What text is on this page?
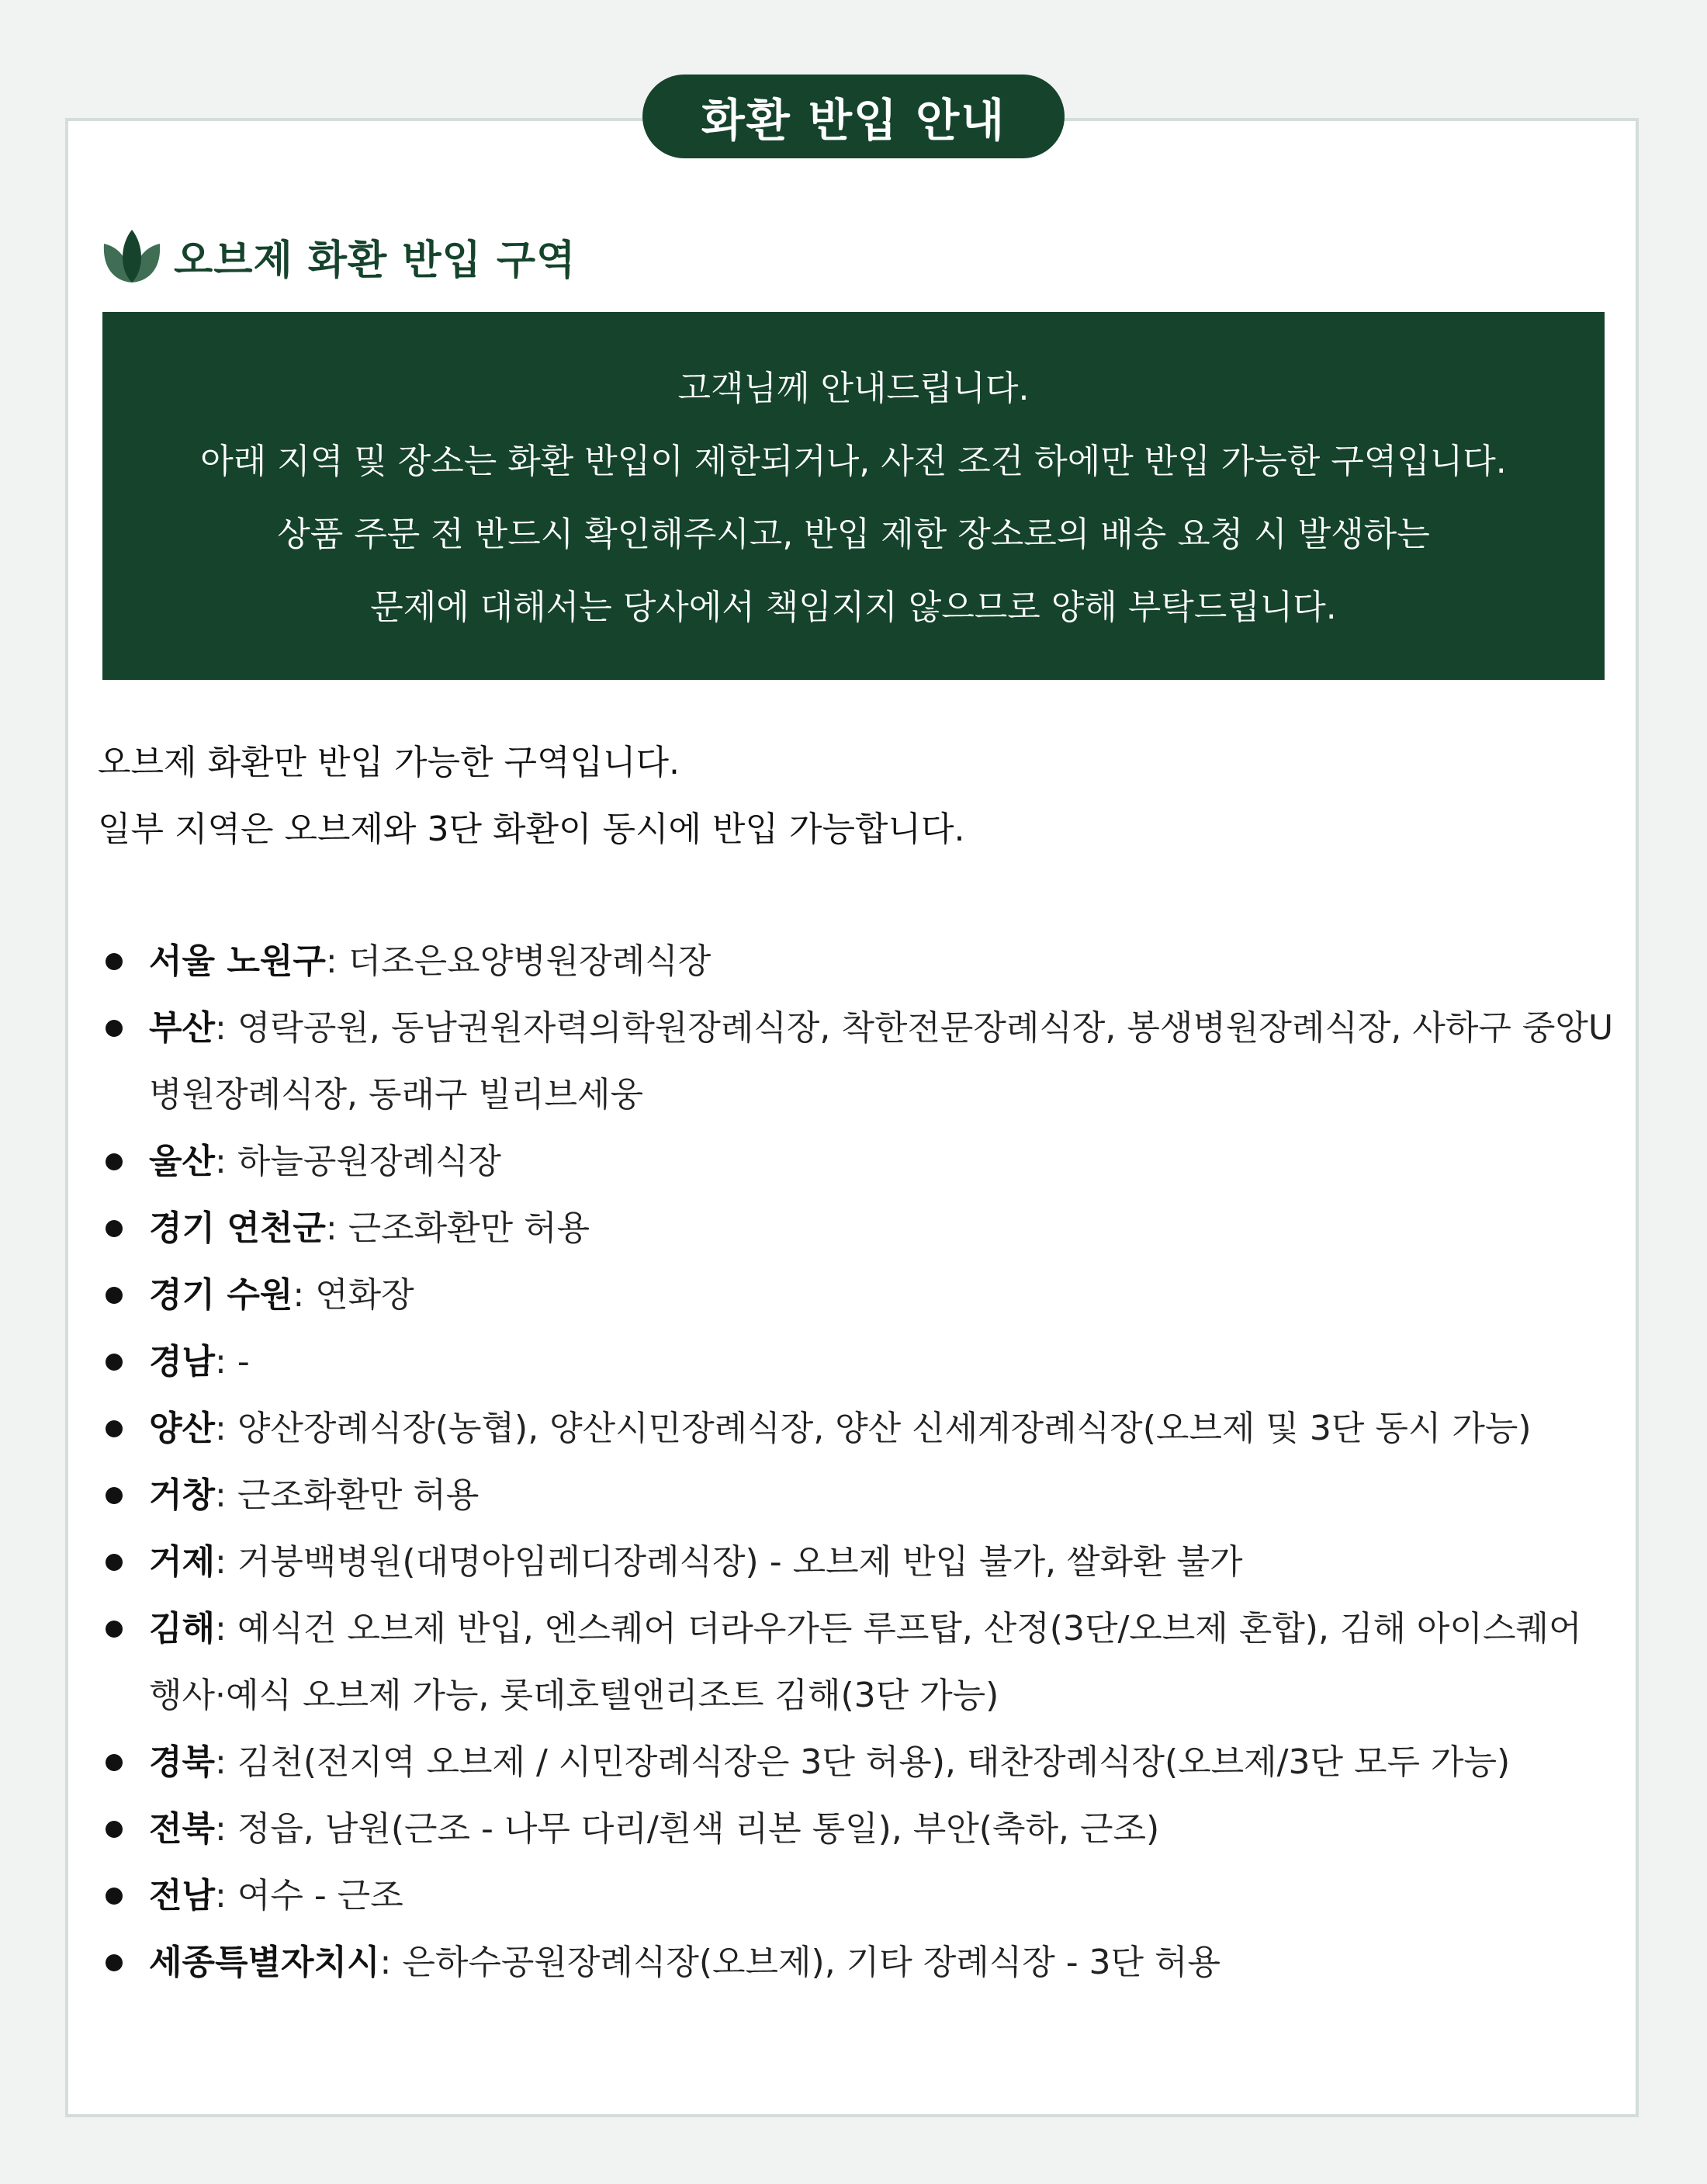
화환 반입 안내
오브제 화환 반입 구역
고객님께 안내드립니다.
아래 지역 및 장소는 화환 반입이 제한되거나, 사전 조건 하에만 반입 가능한 구역입니다.
상품 주문 전 반드시 확인해주시고, 반입 제한 장소로의 배송 요청 시 발생하는
문제에 대해서는 당사에서 책임지지 않으므로 양해 부탁드립니다.
오브제 화환만 반입 가능한 구역입니다.
일부 지역은 오브제와 3단 화환이 동시에 반입 가능합니다.
서울 노원구: 더조은요양병원장례식장
부산: 영락공원, 동남권원자력의학원장례식장, 착한전문장례식장, 봉생병원장례식장, 사하구 중앙U병원장례식장, 동래구 빌리브세웅
울산: 하늘공원장례식장
경기 연천군: 근조화환만 허용
경기 수원: 연화장
경남: -
양산: 양산장례식장(농협), 양산시민장례식장, 양산 신세계장례식장(오브제 및 3단 동시 가능)
거창: 근조화환만 허용
거제: 거붕백병원(대명아임레디장례식장) - 오브제 반입 불가, 쌀화환 불가
김해: 예식건 오브제 반입, 엔스퀘어 더라우가든 루프탑, 산정(3단/오브제 혼합), 김해 아이스퀘어 행사·예식 오브제 가능, 롯데호텔앤리조트 김해(3단 가능)
경북: 김천(전지역 오브제 / 시민장례식장은 3단 허용), 태찬장례식장(오브제/3단 모두 가능)
전북: 정읍, 남원(근조 - 나무 다리/흰색 리본 통일), 부안(축하, 근조)
전남: 여수 - 근조
세종특별자치시: 은하수공원장례식장(오브제), 기타 장례식장 - 3단 허용
